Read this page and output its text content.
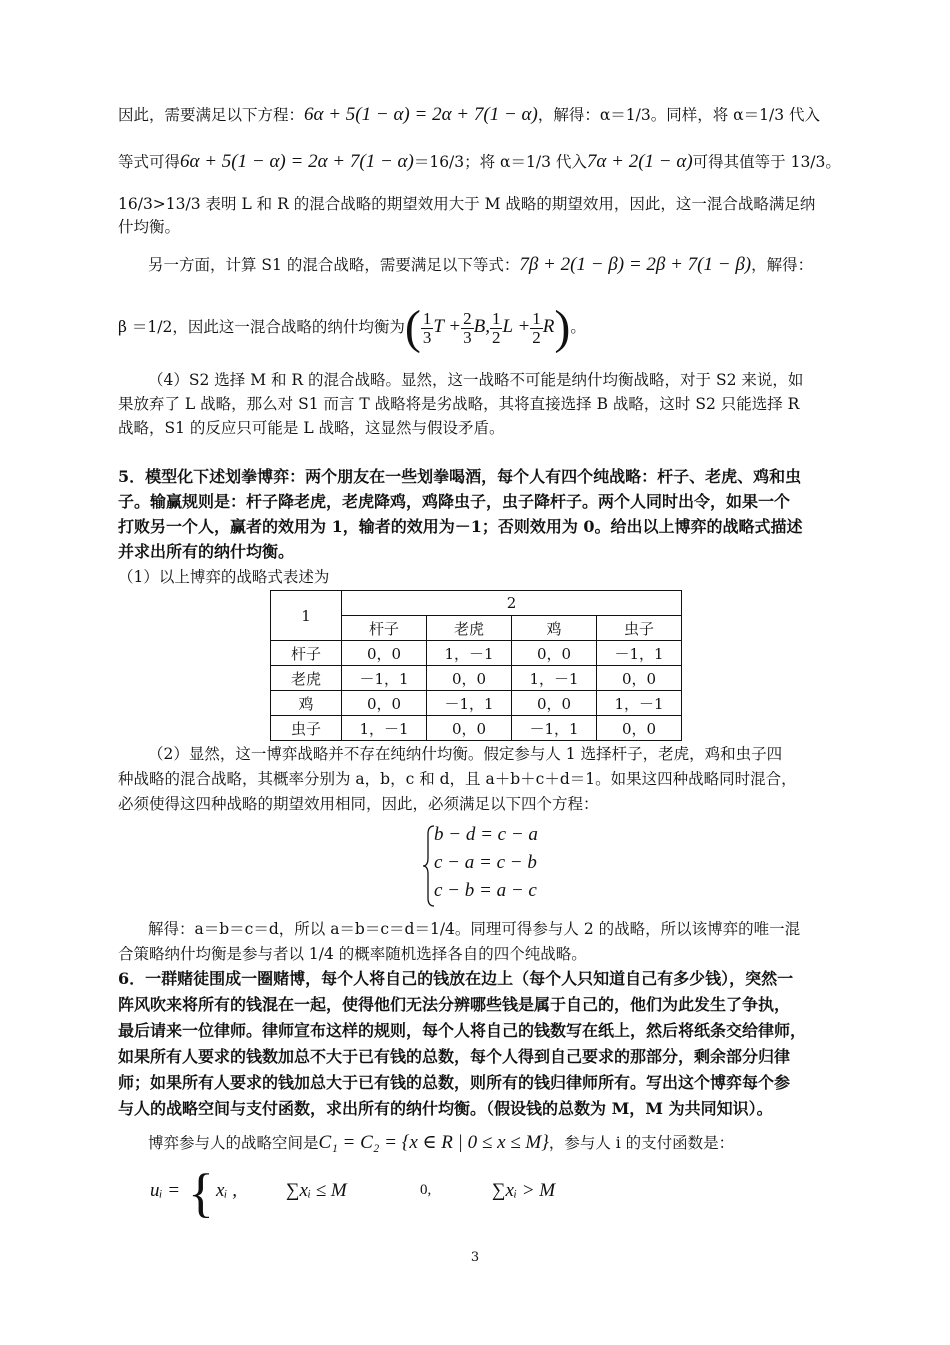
因此，需要满足以下方程：6α + 5(1 − α) = 2α + 7(1 − α)，解得：α＝1/3。同样，将 α＝1/3 代入
等式可得6α + 5(1 − α) = 2α + 7(1 − α)＝16/3；将 α＝1/3 代入7α + 2(1 − α)可得其值等于 13/3。
16/3>13/3 表明 L 和 R 的混合战略的期望效用大于 M 战略的期望效用，因此，这一混合战略满足纳
什均衡。
另一方面，计算 S1 的混合战略，需要满足以下等式：7β + 2(1 − β) = 2β + 7(1 − β)，解得：
β ＝1/2，因此这一混合战略的纳什均衡为( $\frac{1}{3}$ $T + \frac{2}{3} B$, $\frac{1}{2}$ $L + \frac{1}{2} R$)。
（4）S2 选择 M 和 R 的混合战略。显然，这一战略不可能是纳什均衡战略，对于 S2 来说，如
果放弃了 L 战略，那么对 S1 而言 T 战略将是劣战略，其将直接选择 B 战略，这时 S2 只能选择 R
战略，S1 的反应只可能是 L 战略，这显然与假设矛盾。
5．模型化下述划拳博弈：两个朋友在一些划拳喝酒，每个人有四个纯战略：杆子、老虎、鸡和虫
子。输赢规则是：杆子降老虎，老虎降鸡，鸡降虫子，虫子降杆子。两个人同时出令，如果一个
打败另一个人，赢者的效用为 1，输者的效用为－1；否则效用为 0。给出以上博弈的战略式描述
并求出所有的纳什均衡。
（1）以上博弈的战略式表述为
1	2			
	杆子	老虎	鸡	虫子
杆子	0，0	1，－1	0，0	－1，1
老虎	－1，1	0，0	1，－1	0，0
鸡	0，0	－1，1	0，0	1，－1
虫子	1，－1	0，0	－1，1	0，0
（2）显然，这一博弈战略并不存在纯纳什均衡。假定参与人 1 选择杆子，老虎，鸡和虫子四
种战略的混合战略，其概率分别为 a，b，c 和 d，且 a＋b＋c＋d＝1。如果这四种战略同时混合，
必须使得这四种战略的期望效用相同，因此，必须满足以下四个方程：
b − d = c − a
c − a = c − b
c − b = a − c
解得：a＝b＝c＝d，所以 a＝b＝c＝d＝1/4。同理可得参与人 2 的战略，所以该博弈的唯一混
合策略纳什均衡是参与者以 1/4 的概率随机选择各自的四个纯战略。
6．一群赌徒围成一圈赌博，每个人将自己的钱放在边上（每个人只知道自己有多少钱），突然一
阵风吹来将所有的钱混在一起，使得他们无法分辨哪些钱是属于自己的，他们为此发生了争执，
最后请来一位律师。律师宣布这样的规则，每个人将自己的钱数写在纸上，然后将纸条交给律师，
如果所有人要求的钱数加总不大于已有钱的总数，每个人得到自己要求的那部分，剩余部分归律
师；如果所有人要求的钱加总大于已有钱的总数，则所有的钱归律师所有。写出这个博弈每个参
与人的战略空间与支付函数，求出所有的纳什均衡。（假设钱的总数为 M，M 为共同知识）。
博弈参与人的战略空间是C₁ = C₂ = {x ∈ R | 0 ≤ x ≤ M}，参与人 i 的支付函数是：
uᵢ = { xᵢ ,	∑xᵢ ≤ M	0,	∑xᵢ > M
3
